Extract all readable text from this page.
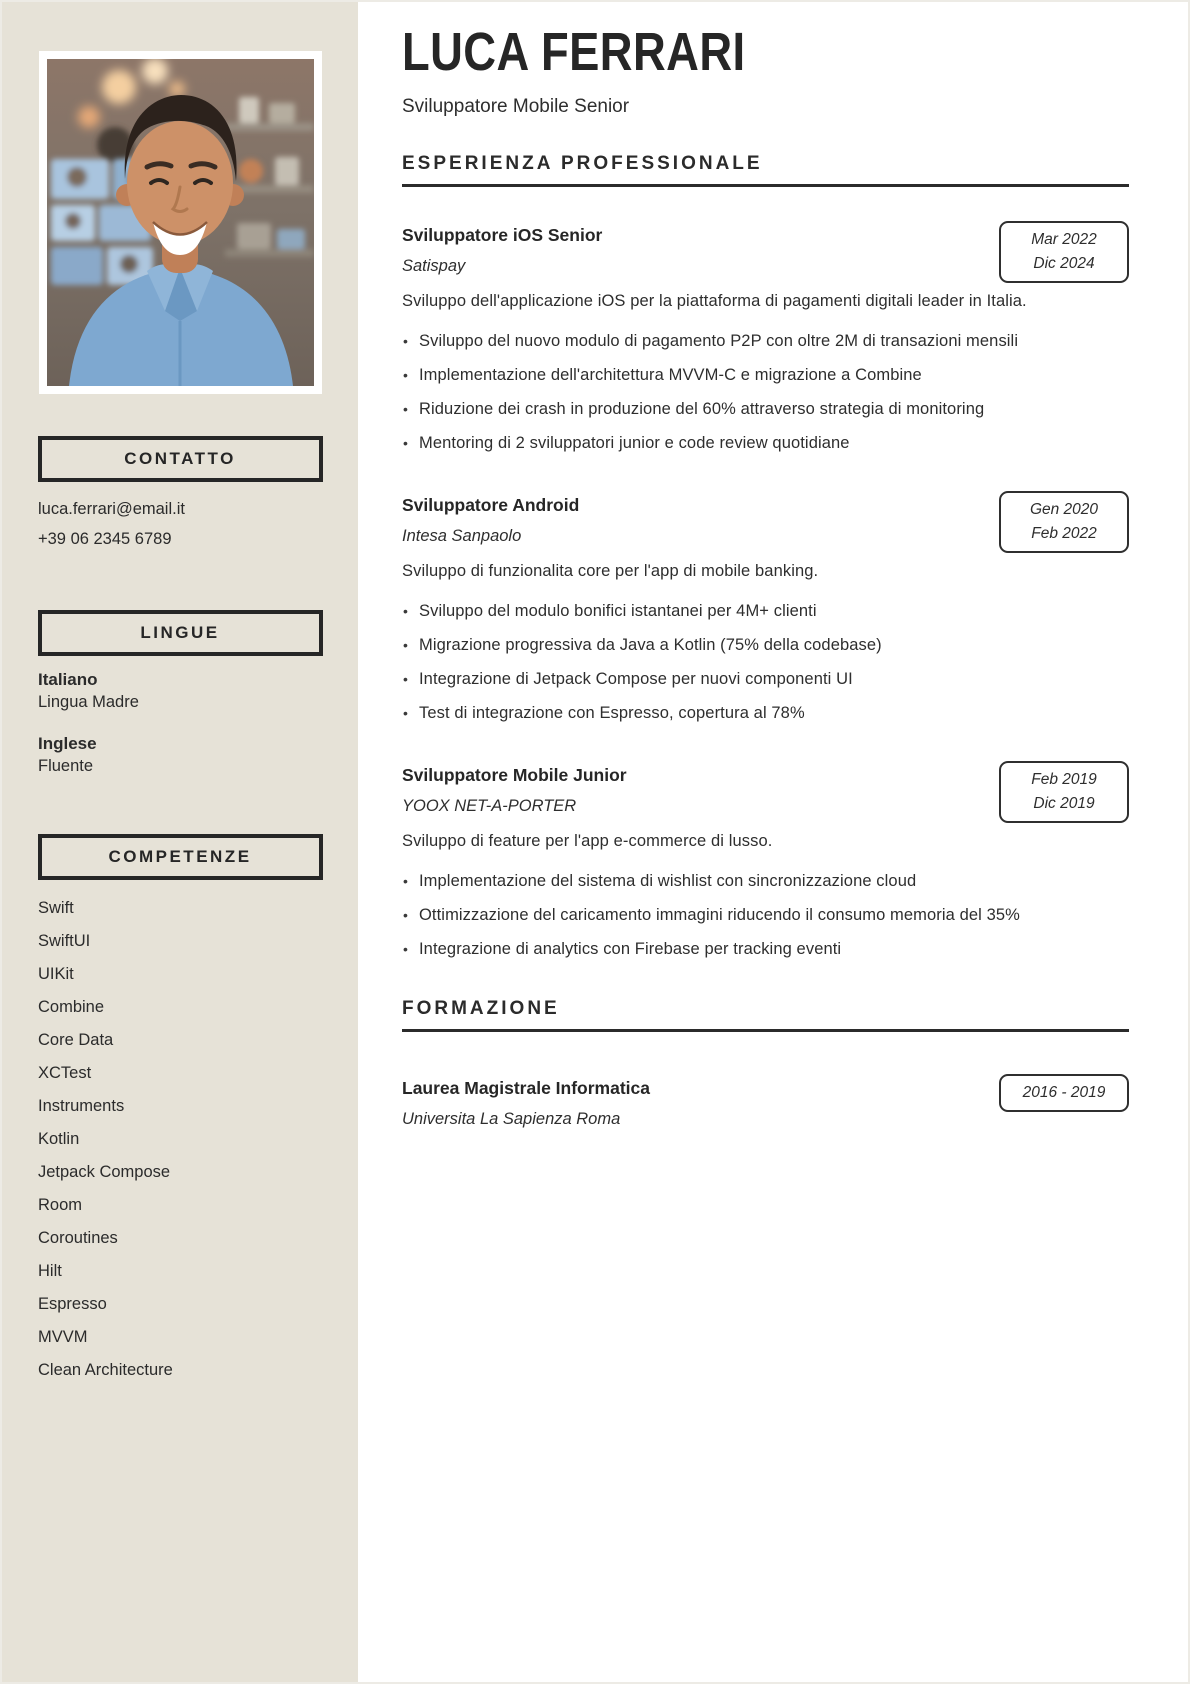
CONTATTO
luca.ferrari@email.it
+39 06 2345 6789
LINGUE
Italiano
Lingua Madre
Inglese
Fluente
COMPETENZE
Swift
SwiftUI
UIKit
Combine
Core Data
XCTest
Instruments
Kotlin
Jetpack Compose
Room
Coroutines
Hilt
Espresso
MVVM
Clean Architecture
LUCA FERRARI
Sviluppatore Mobile Senior
ESPERIENZA PROFESSIONALE
Mar 2022
Dic 2024
Sviluppatore iOS Senior
Satispay

Sviluppo dell'applicazione iOS per la piattaforma di pagamenti digitali leader in Italia.

• Sviluppo del nuovo modulo di pagamento P2P con oltre 2M di transazioni mensili
• Implementazione dell'architettura MVVM-C e migrazione a Combine
• Riduzione dei crash in produzione del 60% attraverso strategia di monitoring
• Mentoring di 2 sviluppatori junior e code review quotidiane
Gen 2020
Feb 2022
Sviluppatore Android
Intesa Sanpaolo

Sviluppo di funzionalita core per l'app di mobile banking.

• Sviluppo del modulo bonifici istantanei per 4M+ clienti
• Migrazione progressiva da Java a Kotlin (75% della codebase)
• Integrazione di Jetpack Compose per nuovi componenti UI
• Test di integrazione con Espresso, copertura al 78%
Feb 2019
Dic 2019
Sviluppatore Mobile Junior
YOOX NET-A-PORTER

Sviluppo di feature per l'app e-commerce di lusso.

• Implementazione del sistema di wishlist con sincronizzazione cloud
• Ottimizzazione del caricamento immagini riducendo il consumo memoria del 35%
• Integrazione di analytics con Firebase per tracking eventi
FORMAZIONE
2016 - 2019
Laurea Magistrale Informatica
Universita La Sapienza Roma
